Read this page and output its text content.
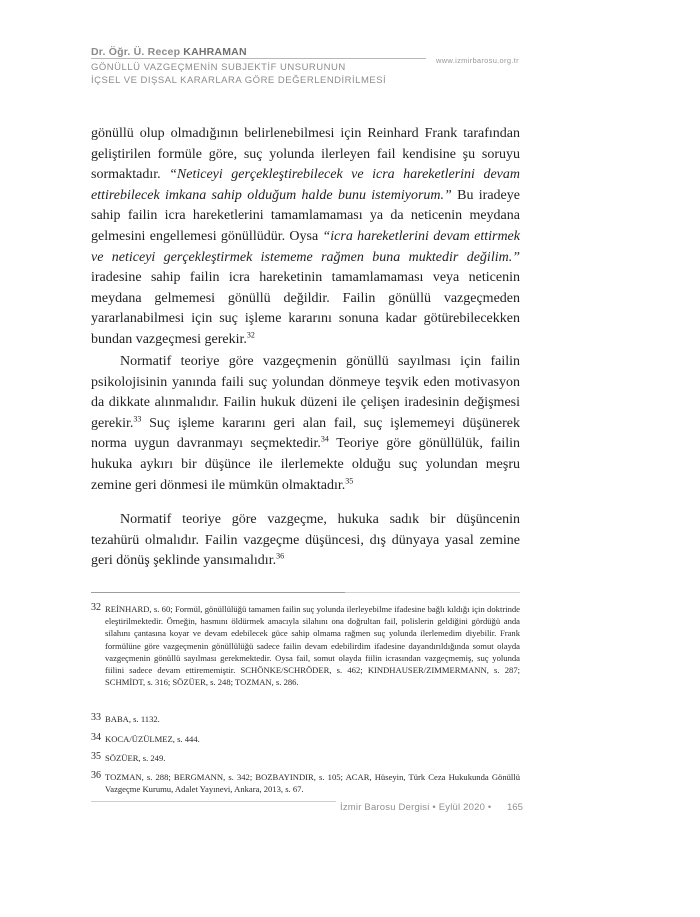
Dr. Öğr. Ü. Recep KAHRAMAN
www.izmirbarosu.org.tr
GÖNÜLLÜ VAZGEÇMENİN SUBJEKTİF UNSURUNUN
İÇSEL VE DIŞSAL KARARLARA GÖRE DEĞERLENDİRİLMESİ
gönüllü olup olmadığının belirlenebilmesi için Reinhard Frank tarafından geliştirilen formüle göre, suç yolunda ilerleyen fail kendisine şu soruyu sormaktadır. “Neticeyi gerçekleştirebilecek ve icra hareketlerini devam ettirebilecek imkana sahip olduğum halde bunu istemiyorum.” Bu iradeye sahip failin icra hareketlerini tamamlamaması ya da neticenin meydana gelmesini engellemesi gönüllüdür. Oysa “icra hareketlerini devam ettirmek ve neticeyi gerçekleştirmek istememe rağmen buna muktedir değilim.” iradesine sahip failin icra hareketinin tamamlamaması veya neticenin meydana gelmemesi gönüllü değildir. Failin gönüllü vazgeçmeden yararlanabilmesi için suç işleme kararını sonuna kadar götürebilecekken bundan vazgeçmesi gerekir.$^{32}$
Normatif teoriye göre vazgeçmenin gönüllü sayılması için failin psikolojisinin yanında faili suç yolundan dönmeye teşvik eden motivasyon da dikkate alınmalıdır. Failin hukuk düzeni ile çelişen iradesinin değişmesi gerekir.$^{33}$ Suç işleme kararını geri alan fail, suç işlememeyi düşünerek norma uygun davranmayı seçmektedir.$^{34}$ Teoriye göre gönüllülük, failin hukuka aykırı bir düşünce ile ilerlemekte olduğu suç yolundan meşru zemine geri dönmesi ile mümkün olmaktadır.$^{35}$
Normatif teoriye göre vazgeçme, hukuka sadık bir düşüncenin tezahürü olmalıdır. Failin vazgeçme düşüncesi, dış dünyaya yasal zemine geri dönüş şeklinde yansımalıdır.$^{36}$
32 REİNHARD, s. 60; Formül, gönüllülüğü tamamen failin suç yolunda ilerleyebilme ifadesine bağlı kıldığı için doktrinde eleştirilmektedir. Örneğin, hasmını öldürmek amacıyla silahını ona doğrultan fail, polislerin geldiğini gördüğü anda silahını çantasına koyar ve devam edebilecek güce sahip olmama rağmen suç yolunda ilerlemedim diyebilir. Frank formülüne göre vazgeçmenin gönüllülüğü sadece failin devam edebilirdim ifadesine dayandırıldığında somut olayda vazgeçmenin gönüllü sayılması gerekmektedir. Oysa fail, somut olayda fiilin icrasından vazgeçmemiş, suç yolunda fiilini sadece devam ettirememiştir. SCHÖNKE/SCHRÖDER, s. 462; KINDHAUSER/ZIMMERMANN, s. 287; SCHMİDT, s. 316; SÖZÜER, s. 248; TOZMAN, s. 286.
33 BABA, s. 1132.
34 KOCA/ÜZÜLMEZ, s. 444.
35 SÖZÜER, s. 249.
36 TOZMAN, s. 288; BERGMANN, s. 342; BOZBAYINDIR, s. 105; ACAR, Hüseyin, Türk Ceza Hukukunda Gönüllü Vazgeçme Kurumu, Adalet Yayınevi, Ankara, 2013, s. 67.
İzmir Barosu Dergisi • Eylül 2020 • 165
